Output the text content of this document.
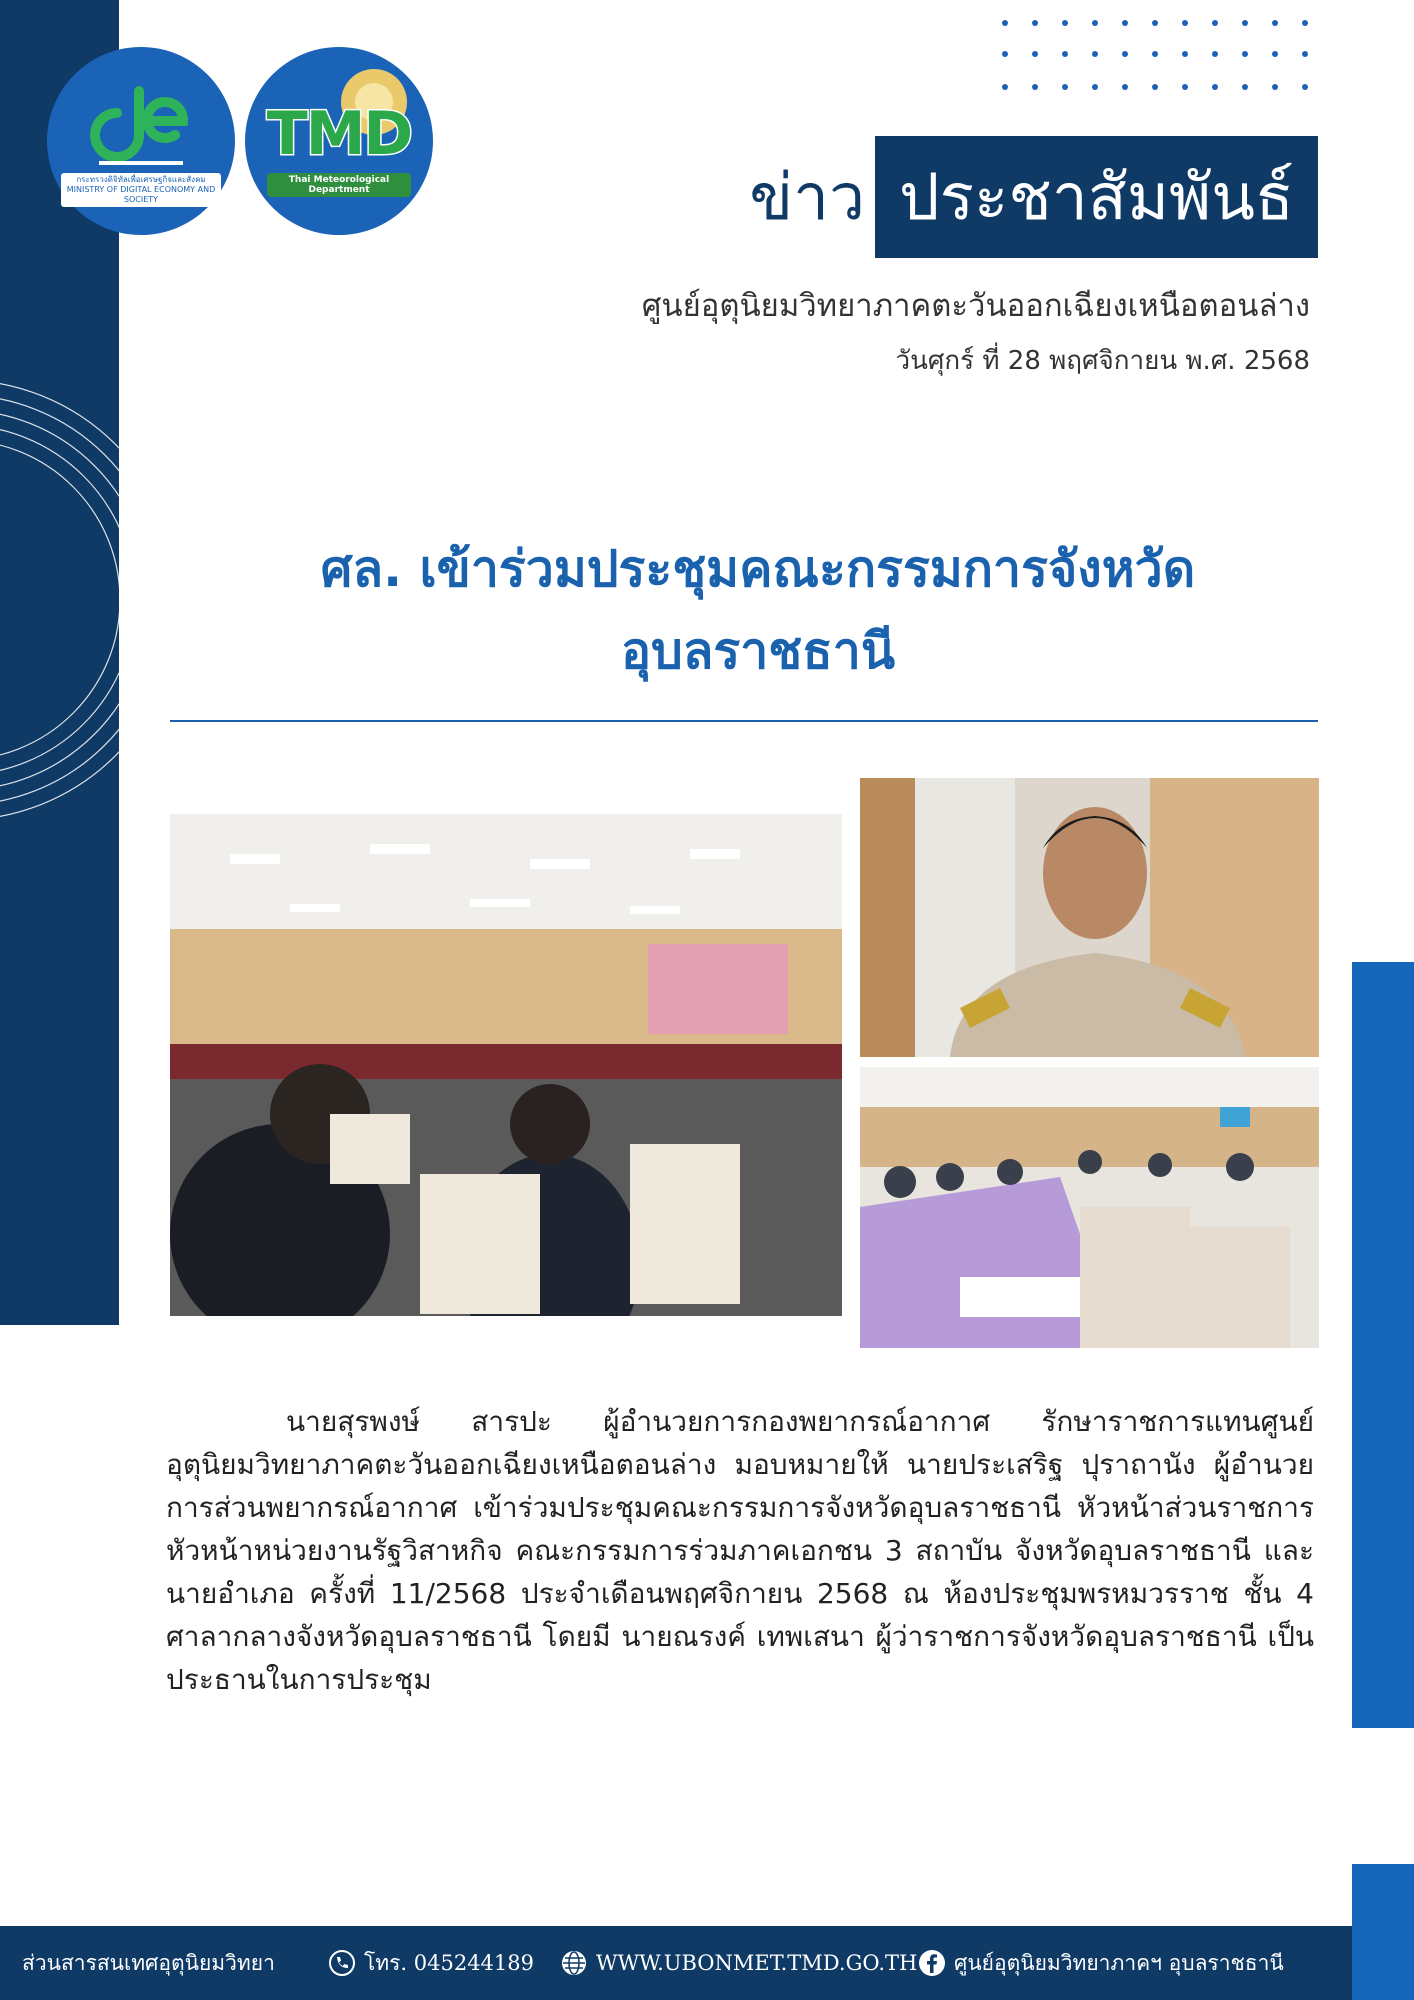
กระทรวงดิจิทัลเพื่อเศรษฐกิจและสังคม MINISTRY OF DIGITAL ECONOMY AND SOCIETY
TMD
Thai Meteorological Department	ข่าว ประชาสัมพันธ์
ศูนย์อุตุนิยมวิทยาภาคตะวันออกเฉียงเหนือตอนล่าง
วันศุกร์ ที่ 28 พฤศจิกายน พ.ศ. 2568
ศล. เข้าร่วมประชุมคณะกรรมการจังหวัด
อุบลราชธานี
นายสุรพงษ์ สารปะ ผู้อำนวยการกองพยากรณ์อากาศ รักษาราชการแทนศูนย์อุตุนิยมวิทยาภาคตะวันออกเฉียงเหนือตอนล่าง มอบหมายให้ นายประเสริฐ ปุราถานัง ผู้อำนวยการส่วนพยากรณ์อากาศ เข้าร่วมประชุมคณะกรรมการจังหวัดอุบลราชธานี หัวหน้าส่วนราชการ หัวหน้าหน่วยงานรัฐวิสาหกิจ คณะกรรมการร่วมภาคเอกชน 3 สถาบัน จังหวัดอุบลราชธานี และนายอำเภอ ครั้งที่ 11/2568 ประจำเดือนพฤศจิกายน 2568 ณ ห้องประชุมพรหมวรราช ชั้น 4 ศาลากลางจังหวัดอุบลราชธานี โดยมี นายณรงค์ เทพเสนา ผู้ว่าราชการจังหวัดอุบลราชธานี เป็นประธานในการประชุม
ส่วนสารสนเทศอุตุนิยมวิทยา	โทร. 045244189	WWW.UBONMET.TMD.GO.TH ศูนย์อุตุนิยมวิทยาภาคฯ อุบลราชธานี
